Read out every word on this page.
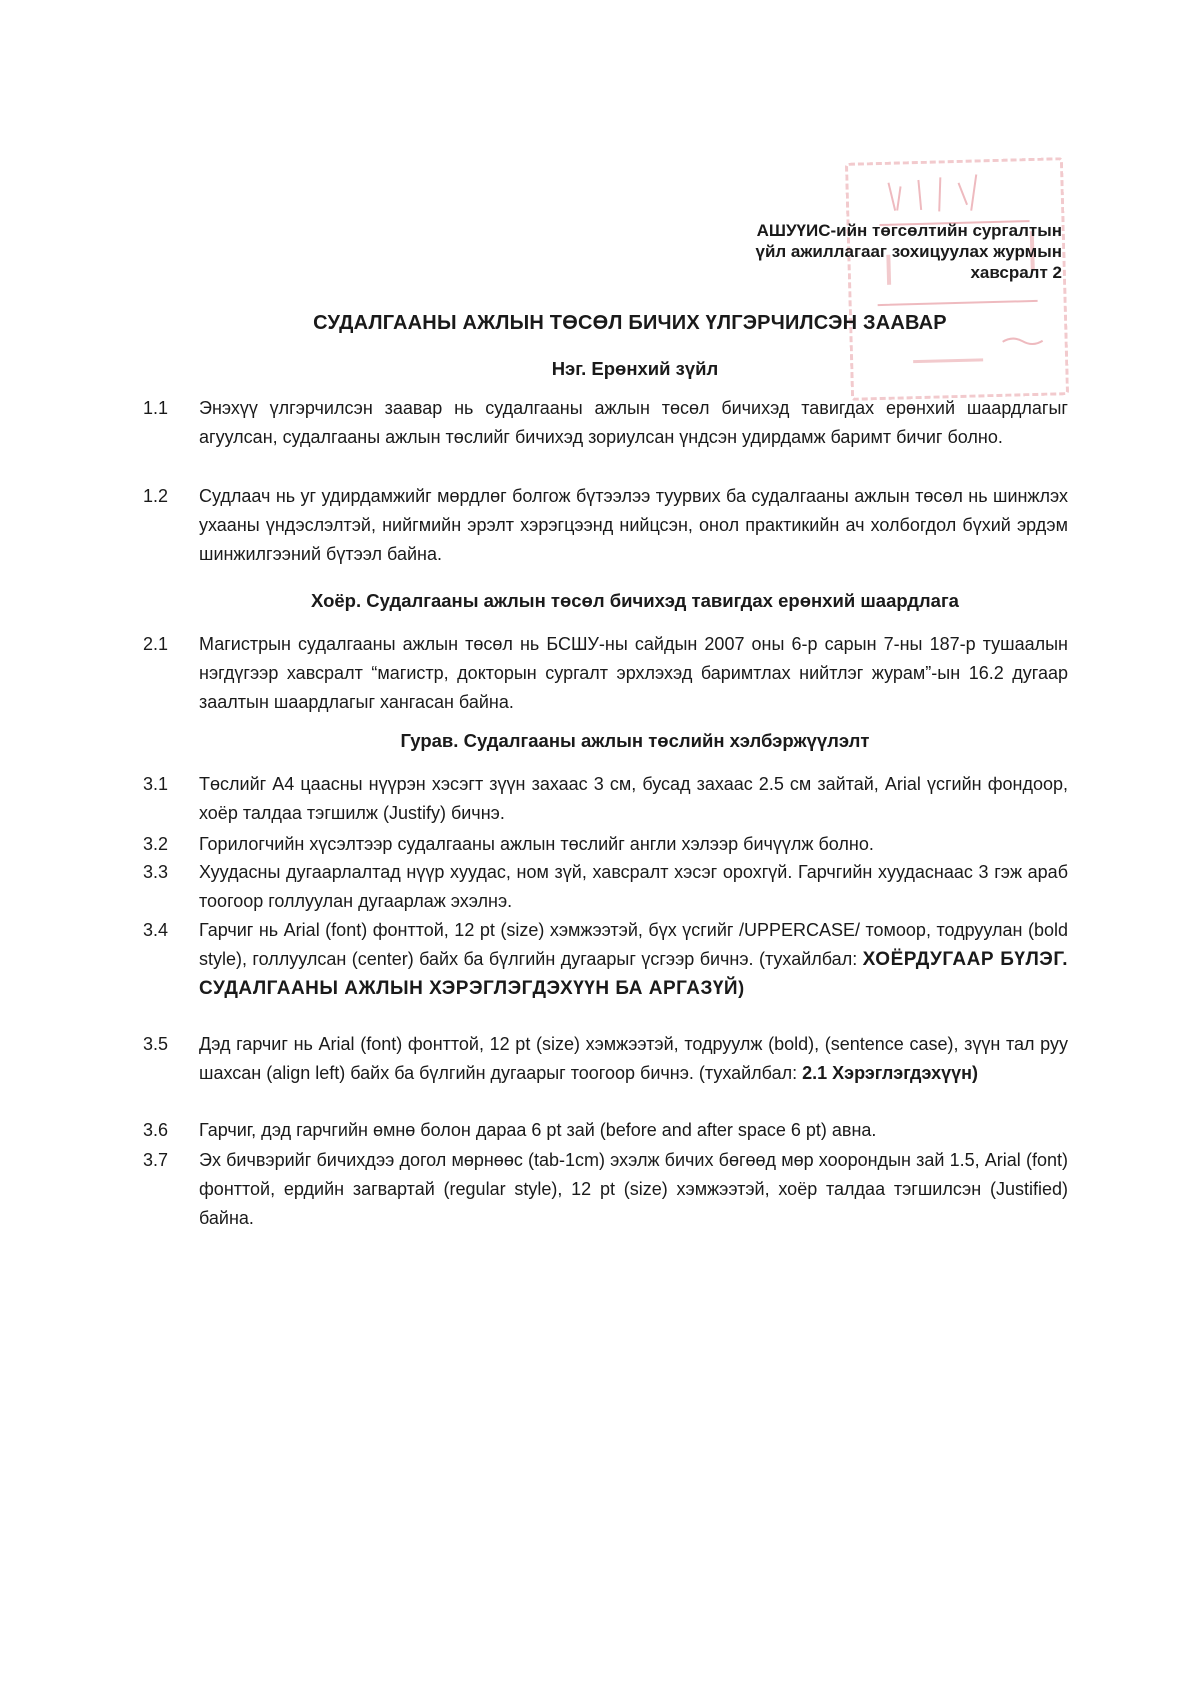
АШУҮИС-ийн төгсөлтийн сургалтын
үйл ажиллагааг зохицуулах журмын
хавсралт 2
СУДАЛГААНЫ АЖЛЫН ТӨСӨЛ БИЧИХ ҮЛГЭРЧИЛСЭН ЗААВАР
Нэг. Ерөнхий зүйл
1.1	Энэхүү үлгэрчилсэн заавар нь судалгааны ажлын төсөл бичихэд тавигдах ерөнхий шаардлагыг агуулсан, судалгааны ажлын төслийг бичихэд зориулсан үндсэн удирдамж баримт бичиг болно.
1.2	Судлаач нь уг удирдамжийг мөрдлөг болгож бүтээлээ туурвих ба судалгааны ажлын төсөл нь шинжлэх ухааны үндэслэлтэй, нийгмийн эрэлт хэрэгцээнд нийцсэн, онол практикийн ач холбогдол бүхий эрдэм шинжилгээний бүтээл байна.
Хоёр. Судалгааны ажлын төсөл бичихэд тавигдах ерөнхий шаардлага
2.1	Магистрын судалгааны ажлын төсөл нь БСШУ-ны сайдын 2007 оны 6-р сарын 7-ны 187-р тушаалын нэгдүгээр хавсралт “магистр, докторын сургалт эрхлэхэд баримтлах нийтлэг журам”-ын 16.2 дугаар заалтын шаардлагыг хангасан байна.
Гурав. Судалгааны ажлын төслийн хэлбэржүүлэлт
3.1	Төслийг А4 цаасны нүүрэн хэсэгт зүүн захаас 3 см, бусад захаас 2.5 см зайтай, Arial үсгийн фондоор, хоёр талдаа тэгшилж (Justify) бичнэ.
3.2	Горилогчийн хүсэлтээр судалгааны ажлын төслийг англи хэлээр бичүүлж болно.
3.3	Хуудасны дугаарлалтад нүүр хуудас, ном зүй, хавсралт хэсэг орохгүй. Гарчгийн хуудаснаас 3 гэж араб тоогоор голлуулан дугаарлаж эхэлнэ.
3.4	Гарчиг нь Arial (font) фонттой, 12 pt (size) хэмжээтэй, бүх үсгийг /UPPERCASE/ томоор, тодруулан (bold style), голлуулсан (center) байх ба бүлгийн дугаарыг үсгээр бичнэ. (тухайлбал: ХОЁРДУГААР БҮЛЭГ. СУДАЛГААНЫ АЖЛЫН ХЭРЭГЛЭГДЭХҮҮН БА АРГАЗҮЙ)
3.5	Дэд гарчиг нь Arial (font) фонттой, 12 pt (size) хэмжээтэй, тодруулж (bold), (sentence case), зүүн тал руу шахсан (align left) байх ба бүлгийн дугаарыг тоогоор бичнэ. (тухайлбал: 2.1 Хэрэглэгдэхүүн)
3.6	Гарчиг, дэд гарчгийн өмнө болон дараа 6 pt зай (before and after space 6 pt) авна.
3.7	Эх бичвэрийг бичихдээ догол мөрнөөс (tab-1cm) эхэлж бичих бөгөөд мөр хоорондын зай 1.5, Arial (font) фонттой, ердийн загвартай (regular style), 12 pt (size) хэмжээтэй, хоёр талдаа тэгшилсэн (Justified) байна.
